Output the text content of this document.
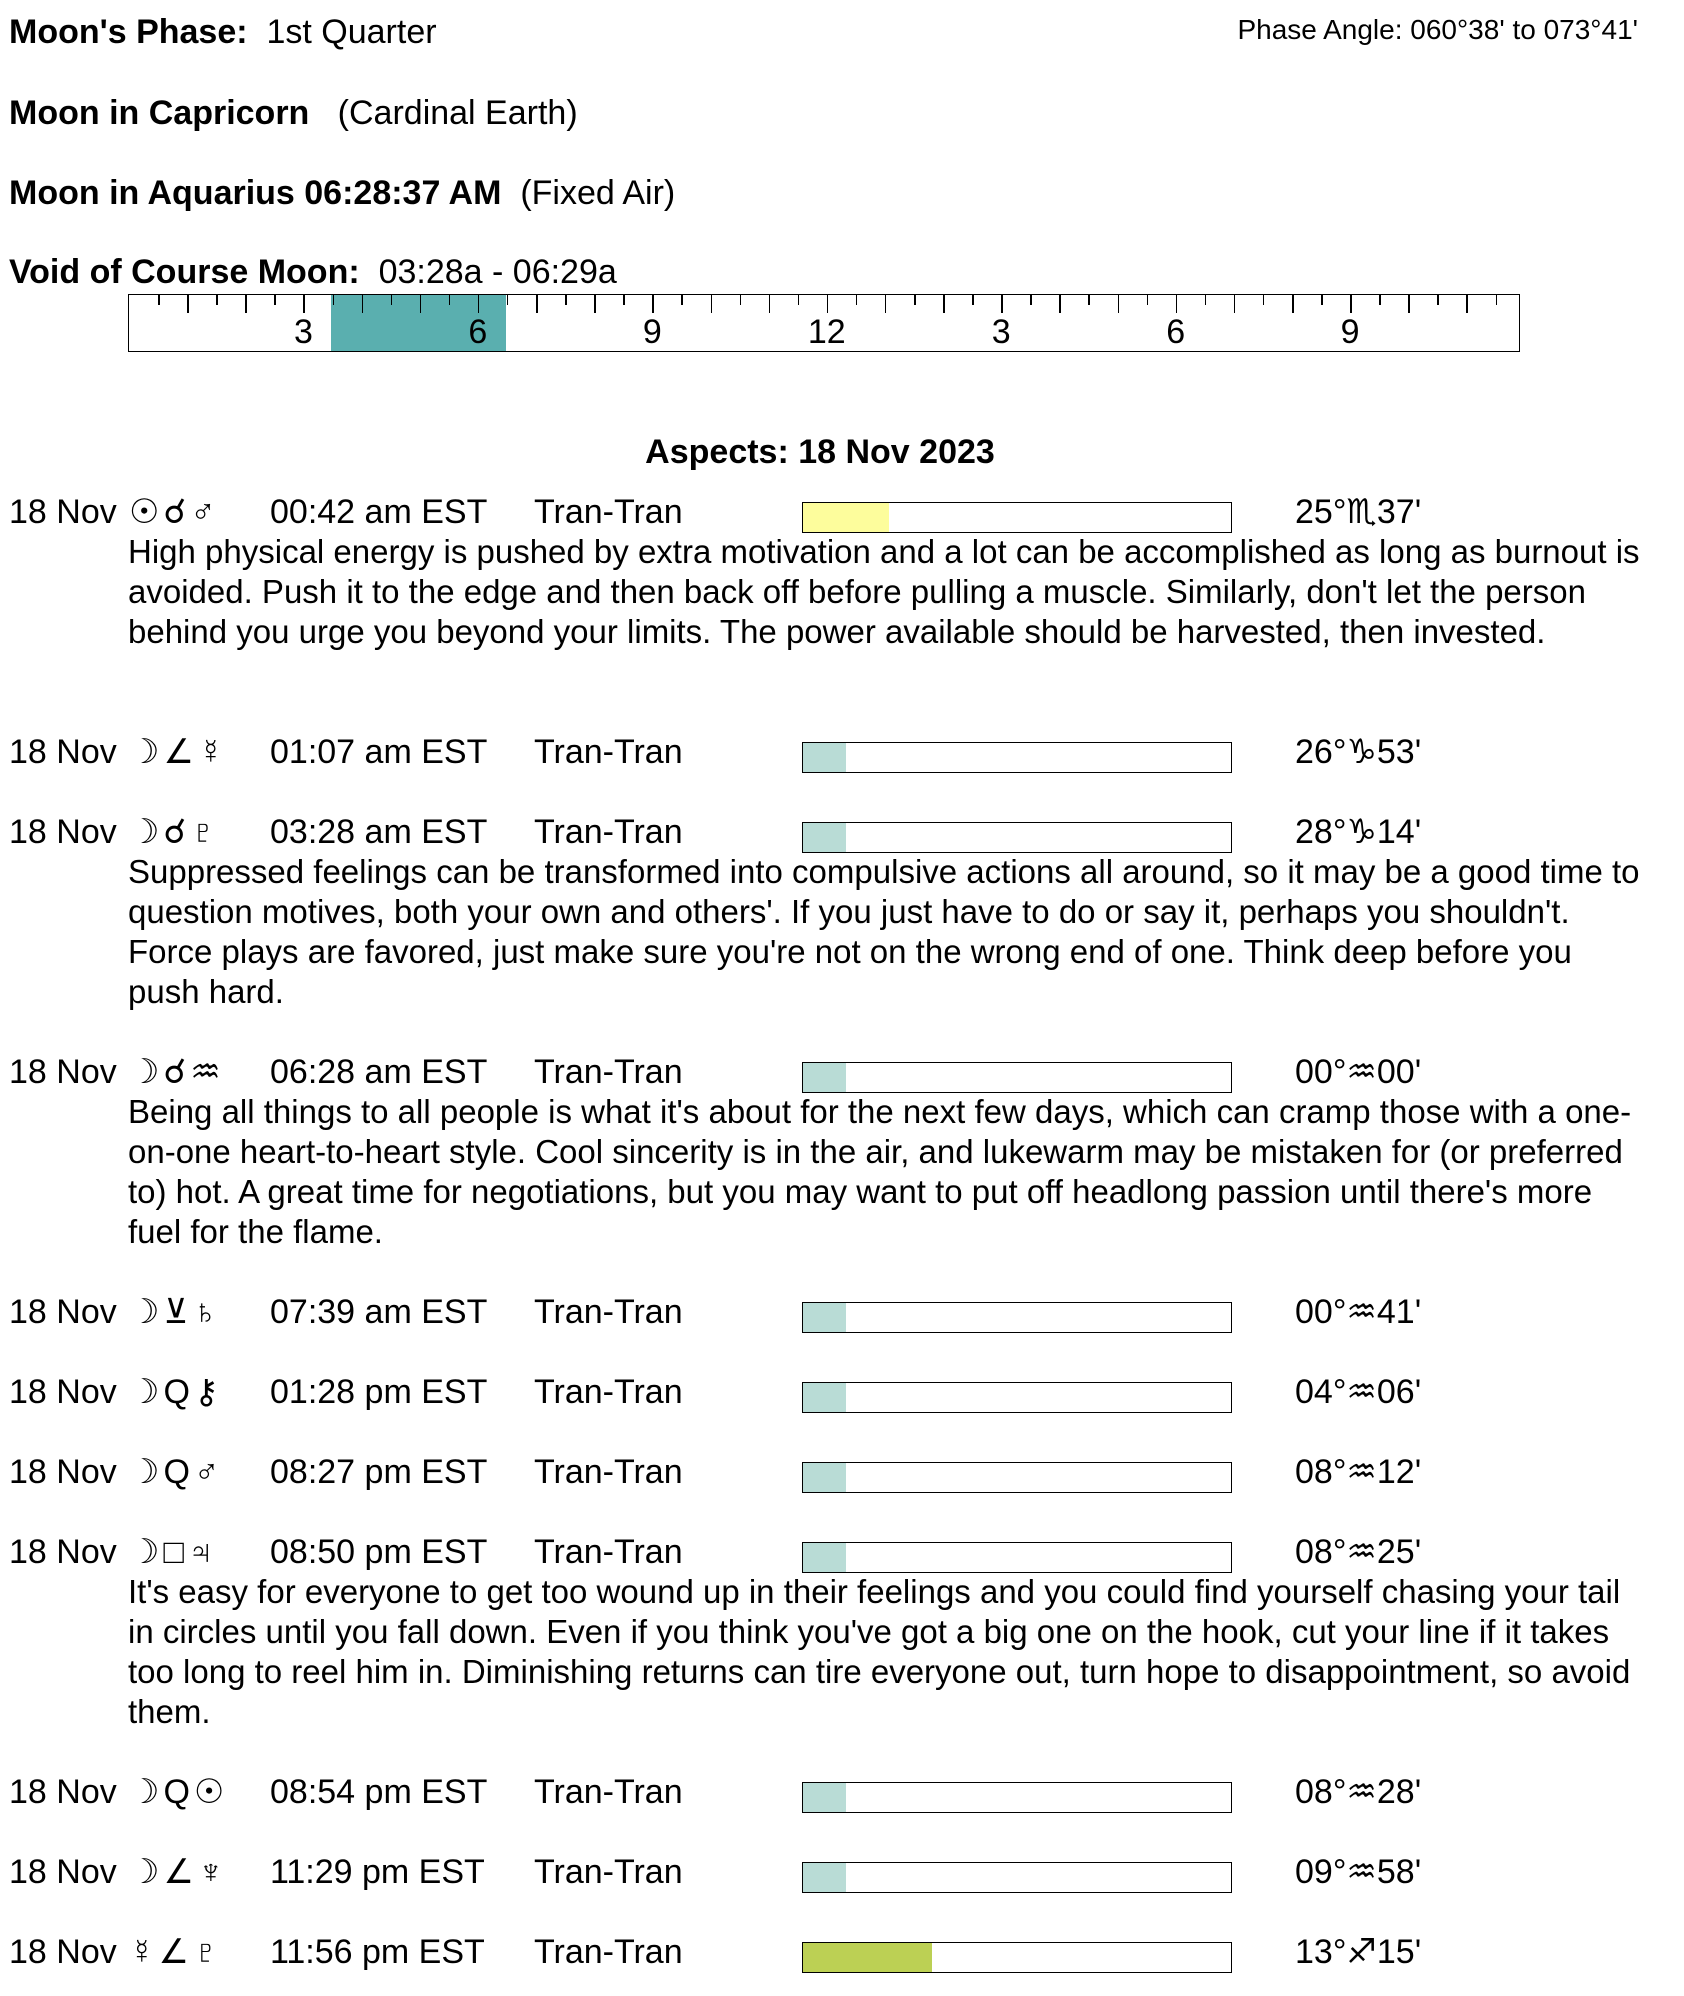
Moon's Phase: 1st Quarter	Phase Angle: 060°38' to 073°41'
Moon in Capricorn (Cardinal Earth)
Moon in Aquarius 06:28:37 AM (Fixed Air)
Void of Course Moon: 03:28a - 06:29a
3	6	9	12	3	6	9
Aspects: 18 Nov 2023
18 Nov ☉☌♂ 00:42 am EST Tran-Tran	25°♏37'
High physical energy is pushed by extra motivation and a lot can be accomplished as long as burnout is avoided. Push it to the edge and then back off before pulling a muscle. Similarly, don't let the person behind you urge you beyond your limits. The power available should be harvested, then invested.
18 Nov ☽∠☿ 01:07 am EST Tran-Tran	26°♑53'
18 Nov ☽☌♇ 03:28 am EST Tran-Tran	28°♑14'
Suppressed feelings can be transformed into compulsive actions all around, so it may be a good time to question motives, both your own and others'. If you just have to do or say it, perhaps you shouldn't. Force plays are favored, just make sure you're not on the wrong end of one. Think deep before you push hard.
18 Nov ☽☌♒ 06:28 am EST Tran-Tran	00°♒00'
Being all things to all people is what it's about for the next few days, which can cramp those with a one-on-one heart-to-heart style. Cool sincerity is in the air, and lukewarm may be mistaken for (or preferred to) hot. A great time for negotiations, but you may want to put off headlong passion until there's more fuel for the flame.
18 Nov ☽⊻♄ 07:39 am EST Tran-Tran	00°♒41'
18 Nov ☽Q⚷ 01:28 pm EST Tran-Tran	04°♒06'
18 Nov ☽Q♂ 08:27 pm EST Tran-Tran	08°♒12'
18 Nov ☽□♃ 08:50 pm EST Tran-Tran	08°♒25'
It's easy for everyone to get too wound up in their feelings and you could find yourself chasing your tail in circles until you fall down. Even if you think you've got a big one on the hook, cut your line if it takes too long to reel him in. Diminishing returns can tire everyone out, turn hope to disappointment, so avoid them.
18 Nov ☽Q☉ 08:54 pm EST Tran-Tran	08°♒28'
18 Nov ☽∠♆ 11:29 pm EST Tran-Tran	09°♒58'
18 Nov ☿∠♇ 11:56 pm EST Tran-Tran	13°♐15'
